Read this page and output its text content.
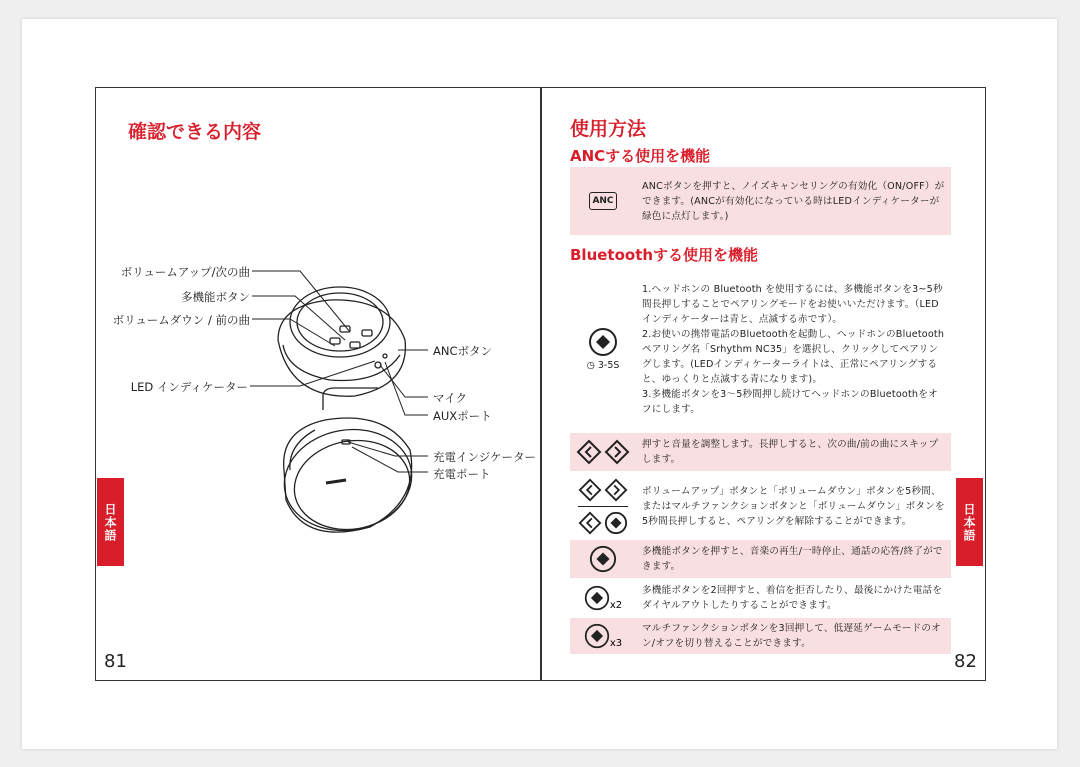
確認できる内容
ボリュームアップ/次の曲
多機能ボタン
ボリュームダウン / 前の曲
LED インディケーター
ANCボタン
マイク
AUXポート
充電インジケーター
充電ポート
日本語
81
使用方法
ANCする使用を機能
ANC
ANCボタンを押すと、ノイズキャンセリングの有効化（ON/OFF）ができます。(ANCが有効化になっている時はLEDインディケーターが緑色に点灯します。)
Bluetoothする使用を機能
◷ 3-5S
1.ヘッドホンの Bluetooth を使用するには、多機能ボタンを3~5秒間長押しすることでペアリングモードをお使いいただけます。（LEDインディケーターは青と、点滅する赤です）。
2.お使いの携帯電話のBluetoothを起動し、ヘッドホンのBluetoothペアリング名「Srhythm NC35」を選択し、クリックしてペアリングします。(LEDインディケーターライトは、正常にペアリングすると、ゆっくりと点滅する青になります)。
3.多機能ボタンを3～5秒間押し続けてヘッドホンのBluetoothをオフにします。
押すと音量を調整します。長押しすると、次の曲/前の曲にスキップします。
ボリュームアップ」ボタンと「ボリュームダウン」ボタンを5秒間、またはマルチファンクションボタンと「ボリュームダウン」ボタンを5秒間長押しすると、ペアリングを解除することができます。
多機能ボタンを押すと、音楽の再生/一時停止、通話の応答/終了ができます。
x2
多機能ボタンを2回押すと、着信を拒否したり、最後にかけた電話をダイヤルアウトしたりすることができます。
x3
マルチファンクションボタンを3回押して、低遅延ゲームモードのオン/オフを切り替えることができます。
日本語
82
